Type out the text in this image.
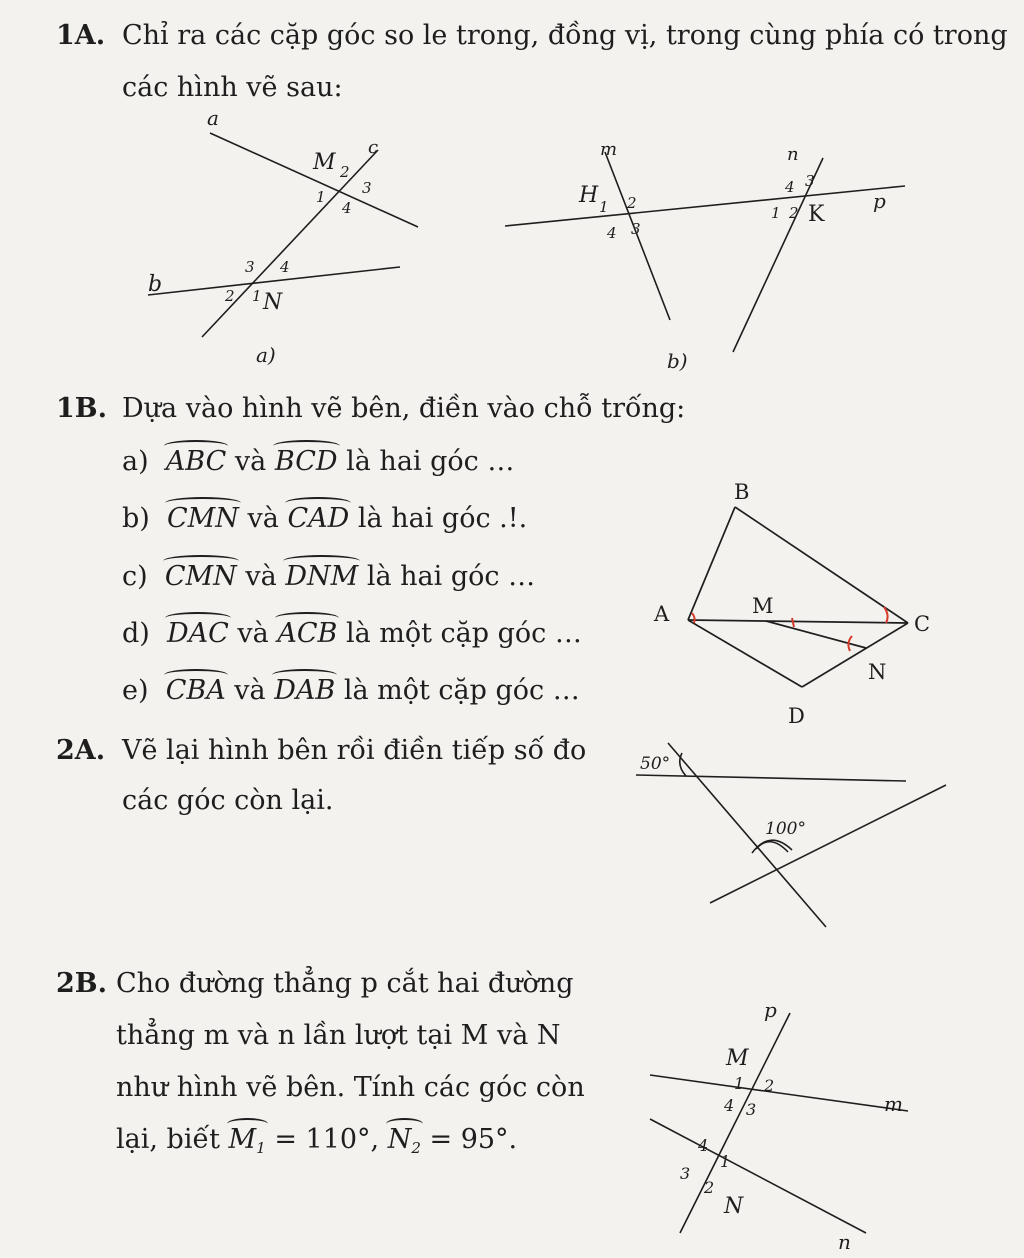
1A. Chỉ ra các cặp góc so le trong, đồng vị, trong cùng phía có trong
các hình vẽ sau:
a
c
M 2
3
1
4
b
3 4
2 1 N
a)
m	n
p
H 1 2
4 3
4 3
1 2 K
b)
1B. Dựa vào hình vẽ bên, điền vào chỗ trống:
a) ABC và BCD là hai góc …
b) CMN và CAD là hai góc .!.
c) CMN và DNM là hai góc …
d) DAC và ACB là một cặp góc …
e) CBA và DAB là một cặp góc …
B
A	M
C
N
D
2A. Vẽ lại hình bên rồi điền tiếp số đo
các góc còn lại.
50°
100°
2B. Cho đường thẳng p cắt hai đường
thẳng m và n lần lượt tại M và N
như hình vẽ bên. Tính các góc còn
lại, biết $M_1 = 110^\circ$, $N_2 = 95^\circ$.
p
m
n
M
1 2
4 3
4
1
3
2
N
